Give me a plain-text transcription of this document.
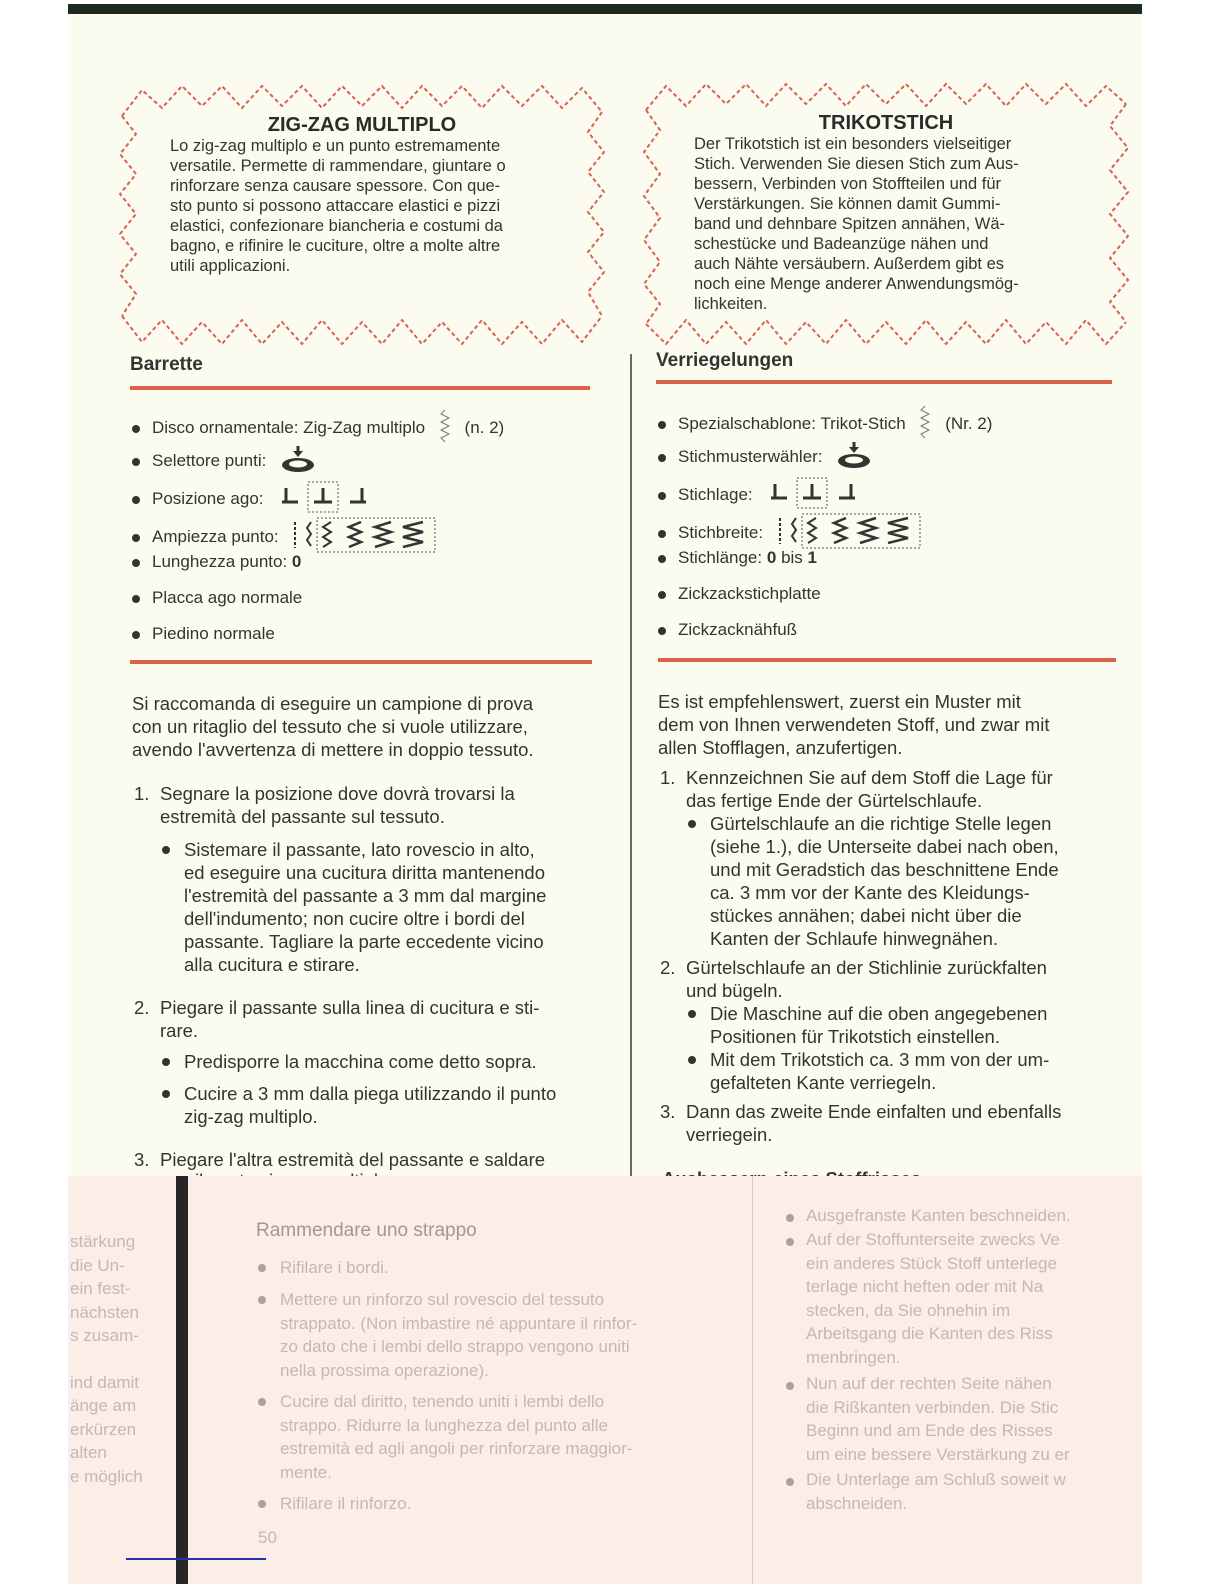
ZIG-ZAG MULTIPLO
Lo zig-zag multiplo e un punto estremamente
versatile. Permette di rammendare, giuntare o
rinforzare senza causare spessore. Con que-
sto punto si possono attaccare elastici e pizzi
elastici, confezionare biancheria e costumi da
bagno, e rifinire le cuciture, oltre a molte altre
utili applicazioni.
Barrette
Disco ornamentale: Zig-Zag multiplo (n. 2)
Selettore punti:
Posizione ago:
Ampiezza punto:
Lunghezza punto: 0
Placca ago normale
Piedino normale
Si raccomanda di eseguire un campione di prova
con un ritaglio del tessuto che si vuole utilizzare,
avendo l'avvertenza di mettere in doppio tessuto.
1. Segnare la posizione dove dovrà trovarsi la
estremità del passante sul tessuto.
Sistemare il passante, lato rovescio in alto,
ed eseguire una cucitura diritta mantenendo
l'estremità del passante a 3 mm dal margine
dell'indumento; non cucire oltre i bordi del
passante. Tagliare la parte eccedente vicino
alla cucitura e stirare.
2. Piegare il passante sulla linea di cucitura e sti-
rare.
Predisporre la macchina come detto sopra.
Cucire a 3 mm dalla piega utilizzando il punto
zig-zag multiplo.
3. Piegare l'altra estremità del passante e saldare
TRIKOTSTICH
Der Trikotstich ist ein besonders vielseitiger
Stich. Verwenden Sie diesen Stich zum Aus-
bessern, Verbinden von Stoffteilen und für
Verstärkungen. Sie können damit Gummi-
band und dehnbare Spitzen annähen, Wä-
schestücke und Badeanzüge nähen und
auch Nähte versäubern. Außerdem gibt es
noch eine Menge anderer Anwendungsmög-
lichkeiten.
Verriegelungen
Spezialschablone: Trikot-Stich (Nr. 2)
Stichmusterwähler:
Stichlage:
Stichbreite:
Stichlänge: 0 bis 1
Zickzackstichplatte
Zickzacknähfuß
Es ist empfehlenswert, zuerst ein Muster mit
dem von Ihnen verwendeten Stoff, und zwar mit
allen Stofflagen, anzufertigen.
1. Kennzeichnen Sie auf dem Stoff die Lage für
das fertige Ende der Gürtelschlaufe.
Gürtelschlaufe an die richtige Stelle legen
(siehe 1.), die Unterseite dabei nach oben,
und mit Geradstich das beschnittene Ende
ca. 3 mm vor der Kante des Kleidungs-
stückes annähen; dabei nicht über die
Kanten der Schlaufe hinwegnähen.
2. Gürtelschlaufe an der Stichlinie zurückfalten
und bügeln.
Die Maschine auf die oben angegebenen
Positionen für Trikotstich einstellen.
Mit dem Trikotstich ca. 3 mm von der um-
gefalteten Kante verriegeln.
3. Dann das zweite Ende einfalten und ebenfalls
verriegein.
stärkung
die Un-
ein fest-
nächsten
s zusam-
ind damit
änge am
erkürzen
alten
e möglich
Rammendare uno strappo
Rifilare i bordi.
Mettere un rinforzo sul rovescio del tessuto
strappato. (Non imbastire né appuntare il rinfor-
zo dato che i lembi dello strappo vengono uniti
nella prossima operazione).
Cucire dal diritto, tenendo uniti i lembi dello
strappo. Ridurre la lunghezza del punto alle
estremità ed agli angoli per rinforzare maggior-
mente.
Rifilare il rinforzo.
50
Ausgefranste Kanten beschneiden.
Auf der Stoffunterseite zwecks Ve
ein anderes Stück Stoff unterlege
terlage nicht heften oder mit Na
stecken, da Sie ohnehin im
Arbeitsgang die Kanten des Riss
menbringen.
Nun auf der rechten Seite nähen
die Rißkanten verbinden. Die Stic
Beginn und am Ende des Risses
um eine bessere Verstärkung zu er
Die Unterlage am Schluß soweit w
abschneiden.
